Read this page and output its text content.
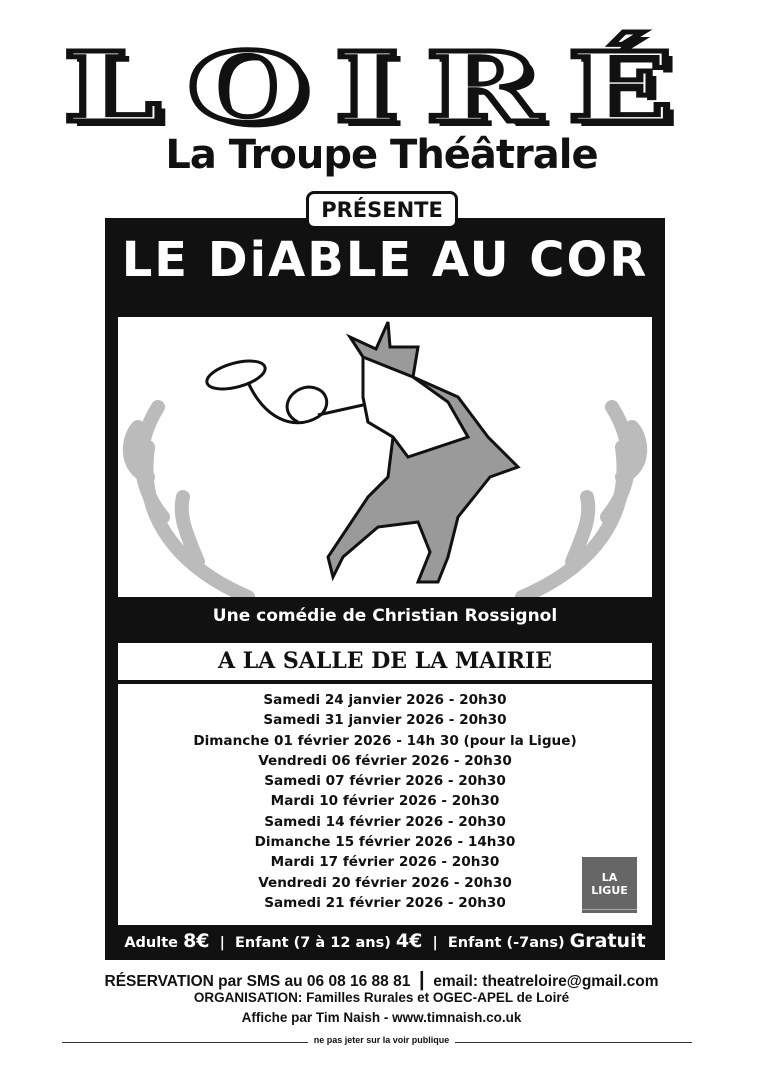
LOIRÉ
La Troupe Théâtrale
PRÉSENTE
LE DiABLE AU COR
Une comédie de Christian Rossignol
A LA SALLE DE LA MAIRIE
Samedi 24 janvier 2026 - 20h30
Samedi 31 janvier 2026 - 20h30
Dimanche 01 février 2026 - 14h 30 (pour la Ligue)
Vendredi 06 février 2026 - 20h30
Samedi 07 février 2026 - 20h30
Mardi 10 février 2026 - 20h30
Samedi 14 février 2026 - 20h30
Dimanche 15 février 2026 - 14h30
Mardi 17 février 2026 - 20h30
Vendredi 20 février 2026 - 20h30
Samedi 21 février 2026 - 20h30
LA LIGUE
CONTRE LE CANCER
Adulte 8€ | Enfant (7 à 12 ans) 4€ | Enfant (-7ans) Gratuit
RÉSERVATION par SMS au 06 08 16 88 81 | email: theatreloire@gmail.com
ORGANISATION: Familles Rurales et OGEC-APEL de Loiré
Affiche par Tim Naish - www.timnaish.co.uk
ne pas jeter sur la voir publique
